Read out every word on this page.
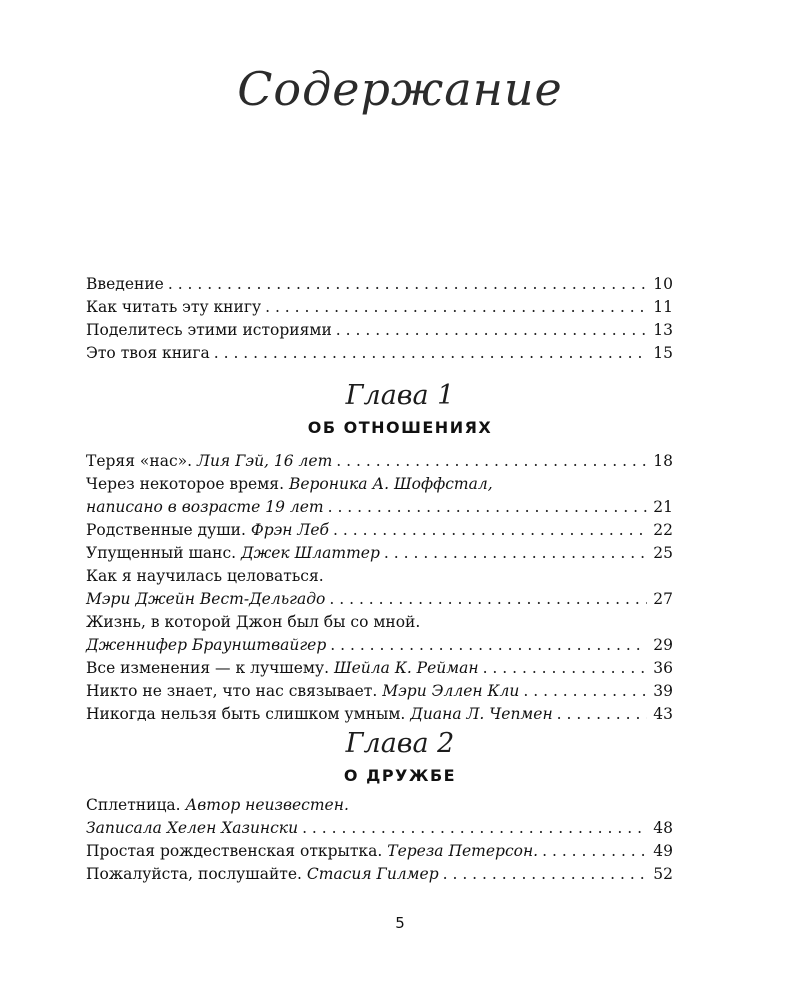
Содержание
Введение . . .	10
Как читать эту книгу . . .	11
Поделитесь этими историями . . .	13
Это твоя книга . . .	15
Глава 1
ОБ ОТНОШЕНИЯХ
Теряя «нас». Лия Гэй, 16 лет . . .	18
Через некоторое время. Вероника А. Шоффстал,
написано в возрасте 19 лет . . .	21
Родственные души. Фрэн Леб . . .	22
Упущенный шанс. Джек Шлаттер . . .	25
Как я научилась целоваться.
Мэри Джейн Вест-Дельгадо . . .	27
Жизнь, в которой Джон был бы со мной.
Дженнифер Браунштвайгер . . .	29
Все изменения — к лучшему. Шейла К. Рейман . . .	36
Никто не знает, что нас связывает. Мэри Эллен Кли . . .	39
Никогда нельзя быть слишком умным. Диана Л. Чепмен . . .	43
Глава 2
О ДРУЖБЕ
Сплетница. Автор неизвестен.
Записала Хелен Хазински . . .	48
Простая рождественская открытка. Тереза Петерсон. . . .	49
Пожалуйста, послушайте. Стасия Гилмер . . .	52
5
